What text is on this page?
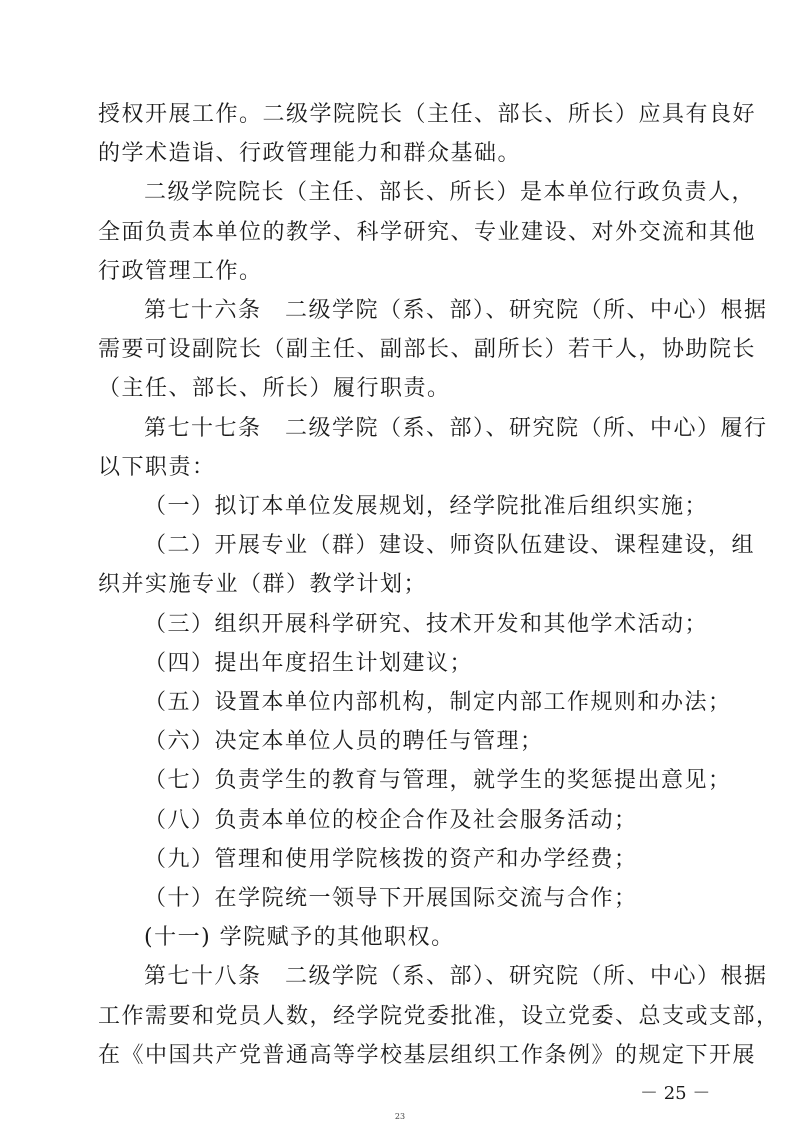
授权开展工作。二级学院院长（主任、部长、所长）应具有良好
的学术造诣、行政管理能力和群众基础。
二级学院院长（主任、部长、所长）是本单位行政负责人，
全面负责本单位的教学、科学研究、专业建设、对外交流和其他
行政管理工作。
第七十六条　二级学院（系、部）、研究院（所、中心）根据
需要可设副院长（副主任、副部长、副所长）若干人，协助院长
（主任、部长、所长）履行职责。
第七十七条　二级学院（系、部）、研究院（所、中心）履行
以下职责：
（一）拟订本单位发展规划，经学院批准后组织实施；
（二）开展专业（群）建设、师资队伍建设、课程建设，组
织并实施专业（群）教学计划；
（三）组织开展科学研究、技术开发和其他学术活动；
（四）提出年度招生计划建议；
（五）设置本单位内部机构，制定内部工作规则和办法；
（六）决定本单位人员的聘任与管理；
（七）负责学生的教育与管理，就学生的奖惩提出意见；
（八）负责本单位的校企合作及社会服务活动；
（九）管理和使用学院核拨的资产和办学经费；
（十）在学院统一领导下开展国际交流与合作；
(十一) 学院赋予的其他职权。
第七十八条　二级学院（系、部）、研究院（所、中心）根据
工作需要和党员人数，经学院党委批准，设立党委、总支或支部，
在《中国共产党普通高等学校基层组织工作条例》的规定下开展
－ 25 －
23
